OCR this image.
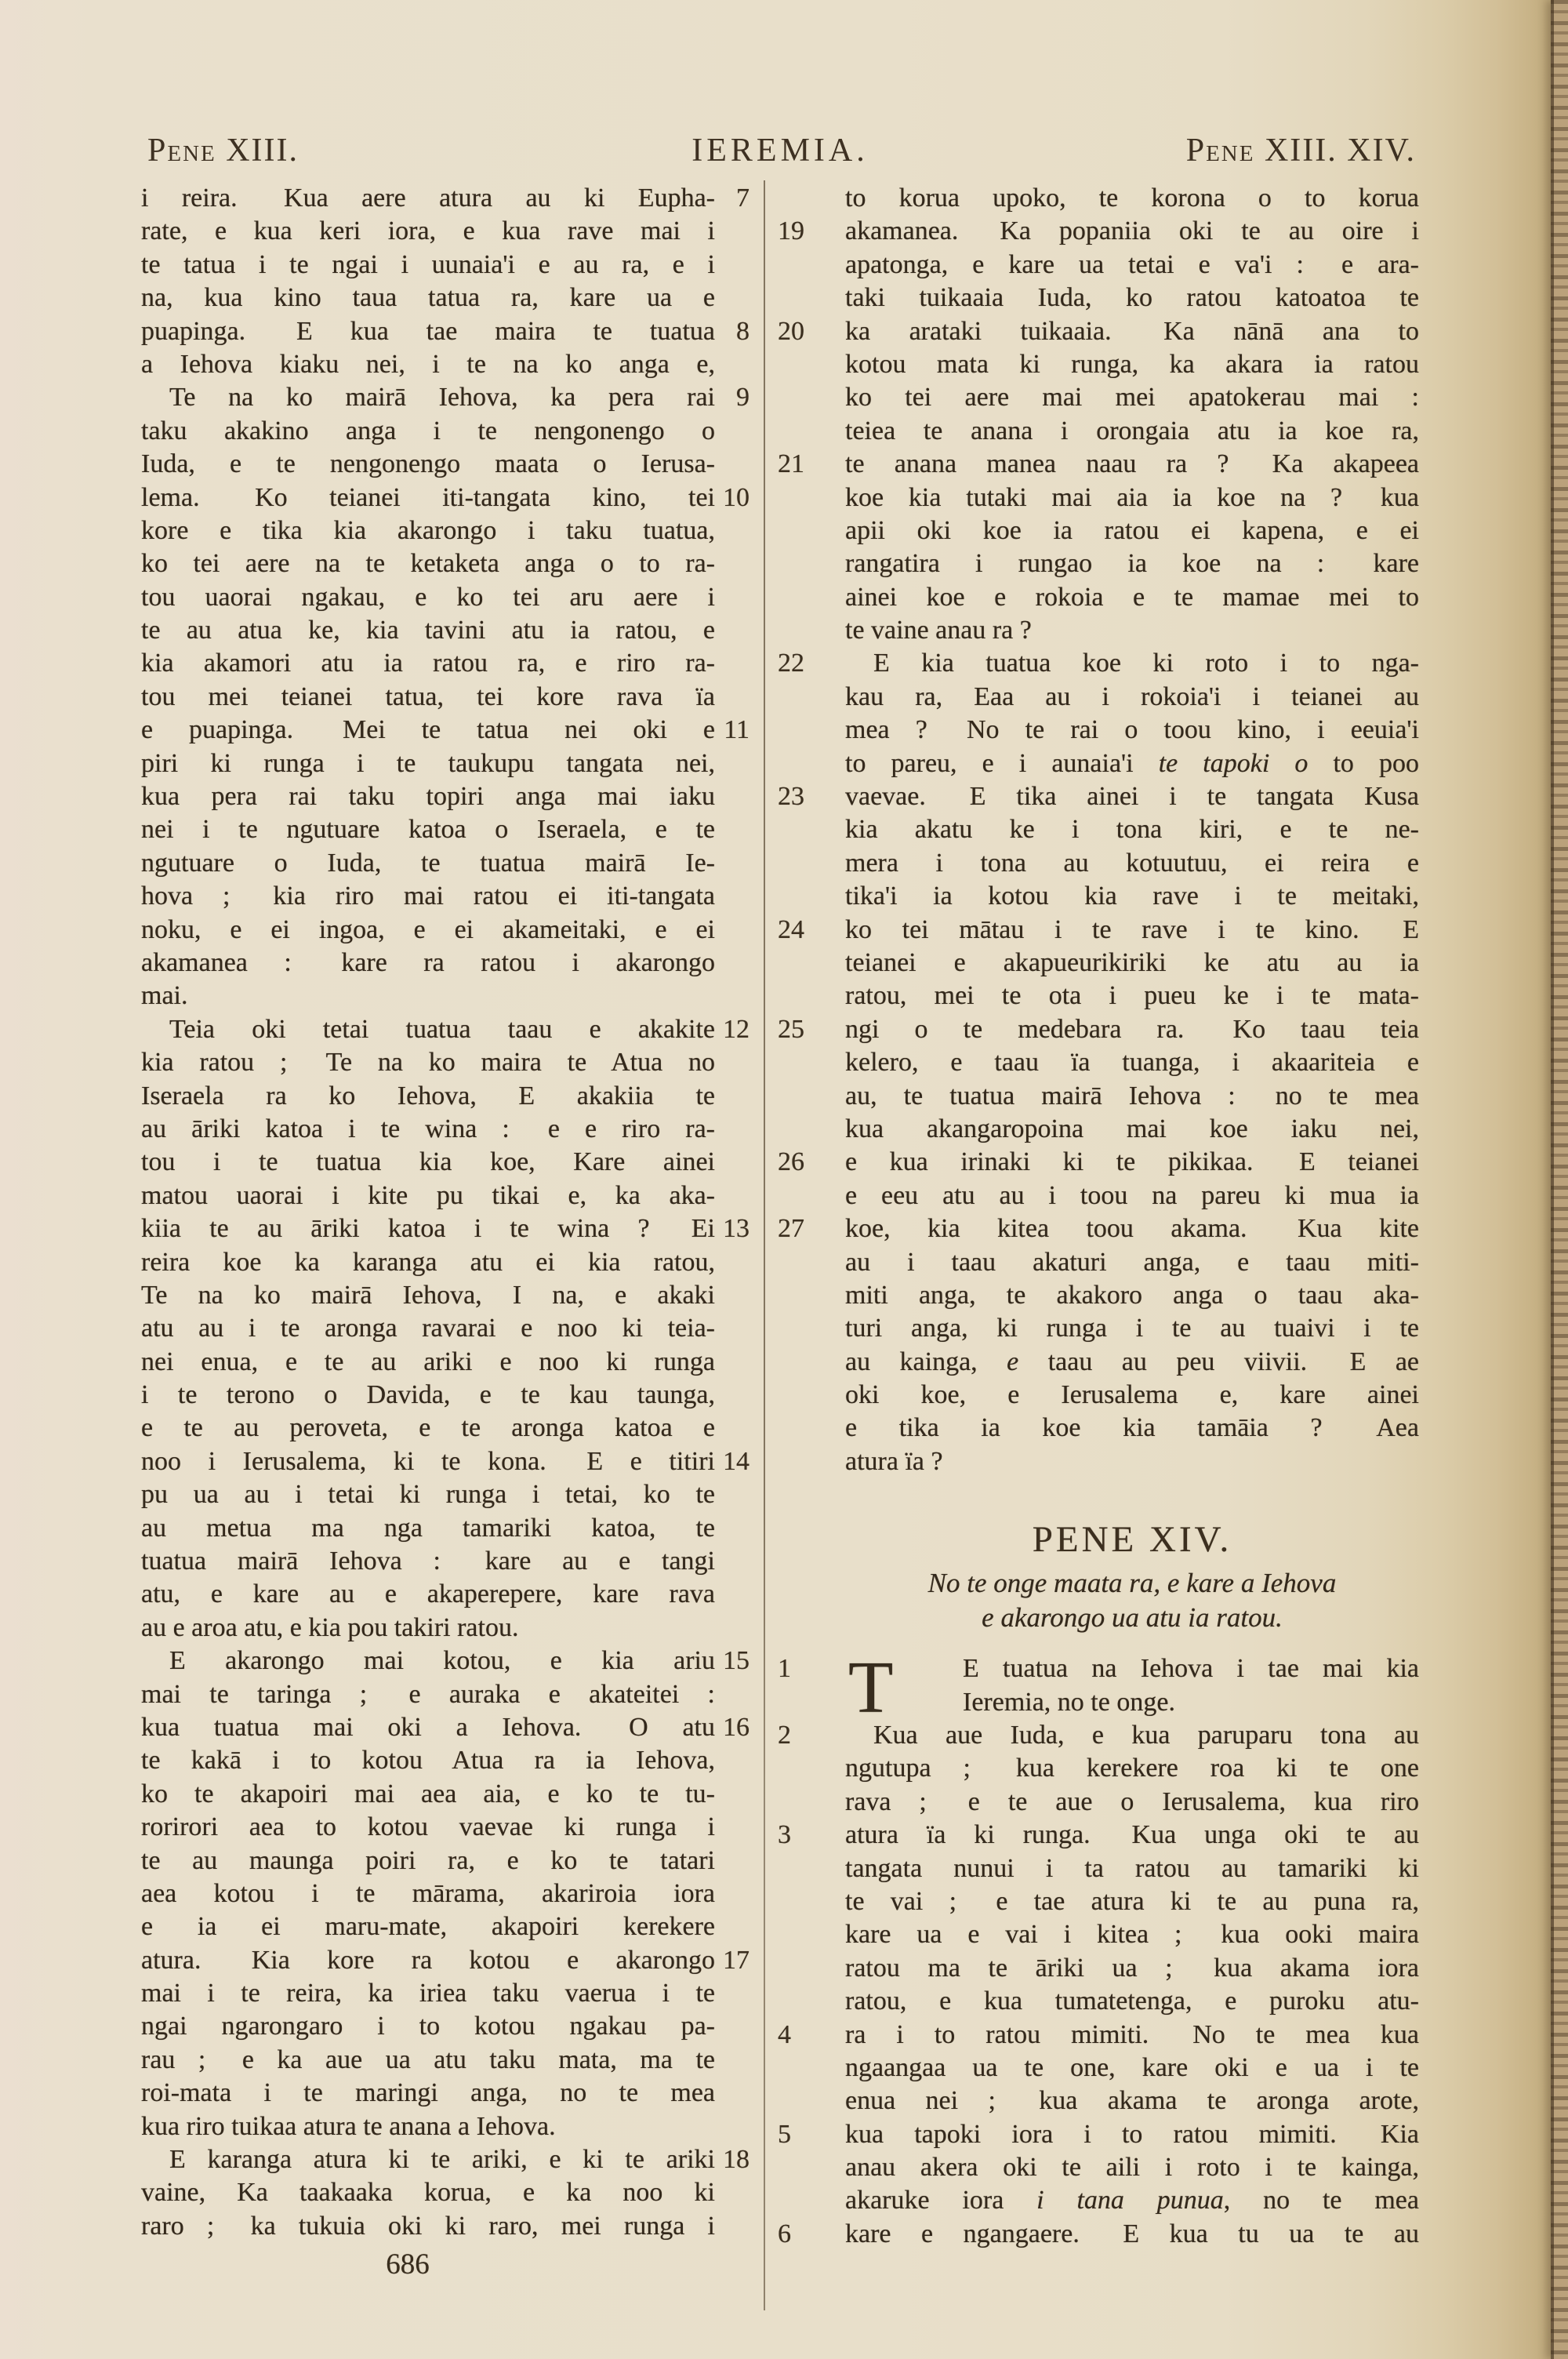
Pene XIII.	IEREMIA.	Pene XIII. XIV.
7
i reira.  Kua aere atura au ki Eupha-
rate, e kua keri iora, e kua rave mai i
te tatua i te ngai i uunaia'i e au ra, e i
na, kua kino taua tatua ra, kare ua e
8
puapinga.  E kua tae maira te tuatua
a Iehova kiaku nei, i te na ko anga e,
9
Te na ko mairā Iehova, ka pera rai
taku akakino anga i te nengonengo o
Iuda, e te nengonengo maata o Ierusa-
10
lema.  Ko teianei iti-tangata kino, tei
kore e tika kia akarongo i taku tuatua,
ko tei aere na te ketaketa anga o to ra-
tou uaorai ngakau, e ko tei aru aere i
te au atua ke, kia tavini atu ia ratou, e
kia akamori atu ia ratou ra, e riro ra-
tou mei teianei tatua, tei kore rava ïa
11
e puapinga.  Mei te tatua nei oki e
piri ki runga i te taukupu tangata nei,
kua pera rai taku topiri anga mai iaku
nei i te ngutuare katoa o Iseraela, e te
ngutuare o Iuda, te tuatua mairā Ie-
hova ;  kia riro mai ratou ei iti-tangata
noku, e ei ingoa, e ei akameitaki, e ei
akamanea :  kare ra ratou i akarongo
mai.
12
Teia oki tetai tuatua taau e akakite
kia ratou ;  Te na ko maira te Atua no
Iseraela ra ko Iehova, E akakiia te
au āriki katoa i te wina :  e e riro ra-
tou i te tuatua kia koe, Kare ainei
matou uaorai i kite pu tikai e, ka aka-
13
kiia te au āriki katoa i te wina ?  Ei
reira koe ka karanga atu ei kia ratou,
Te na ko mairā Iehova, I na, e akaki
atu au i te aronga ravarai e noo ki teia-
nei enua, e te au ariki e noo ki runga
i te terono o Davida, e te kau taunga,
e te au peroveta, e te aronga katoa e
14
noo i Ierusalema, ki te kona.  E e titiri
pu ua au i tetai ki runga i tetai, ko te
au metua ma nga tamariki katoa, te
tuatua mairā Iehova :  kare au e tangi
atu, e kare au e akaperepere, kare rava
au e aroa atu, e kia pou takiri ratou.
15
E akarongo mai kotou, e kia ariu
mai te taringa ;  e auraka e akateitei :
16
kua tuatua mai oki a Iehova.  O atu
te kakā i to kotou Atua ra ia Iehova,
ko te akapoiri mai aea aia, e ko te tu-
rorirori aea to kotou vaevae ki runga i
te au maunga poiri ra, e ko te tatari
aea kotou i te mārama, akariroia iora
e ia ei maru-mate, akapoiri kerekere
17
atura.  Kia kore ra kotou e akarongo
mai i te reira, ka iriea taku vaerua i te
ngai ngarongaro i to kotou ngakau pa-
rau ;  e ka aue ua atu taku mata, ma te
roi-mata i te maringi anga, no te mea
kua riro tuikaa atura te anana a Iehova.
18
E karanga atura ki te ariki, e ki te ariki
vaine, Ka taakaaka korua, e ka noo ki
raro ;  ka tukuia oki ki raro, mei runga i
to korua upoko, te korona o to korua
19	akamanea.  Ka popaniia oki te au oire i
apatonga, e kare ua tetai e va'i :  e ara-
taki tuikaaia Iuda, ko ratou katoatoa te
20	ka arataki tuikaaia.  Ka nānā ana to
kotou mata ki runga, ka akara ia ratou
ko tei aere mai mei apatokerau mai :
teiea te anana i orongaia atu ia koe ra,
21	te anana manea naau ra ?  Ka akapeea
koe kia tutaki mai aia ia koe na ?  kua
apii oki koe ia ratou ei kapena, e ei
rangatira i rungao ia koe na :  kare
ainei koe e rokoia e te mamae mei to
te vaine anau ra ?
22	E kia tuatua koe ki roto i to nga-
kau ra, Eaa au i rokoia'i i teianei au
mea ?  No te rai o toou kino, i eeuia'i
to pareu, e i aunaia'i te tapoki o to poo
23	vaevae.  E tika ainei i te tangata Kusa
kia akatu ke i tona kiri, e te ne-
mera i tona au kotuutuu, ei reira e
tika'i ia kotou kia rave i te meitaki,
24	ko tei mātau i te rave i te kino.  E
teianei e akapueurikiriki ke atu au ia
ratou, mei te ota i pueu ke i te mata-
25	ngi o te medebara ra.  Ko taau teia
kelero, e taau ïa tuanga, i akaariteia e
au, te tuatua mairā Iehova :  no te mea
kua akangaropoina mai koe iaku nei,
26	e kua irinaki ki te pikikaa.  E teianei
e eeu atu au i toou na pareu ki mua ia
27	koe, kia kitea toou akama.  Kua kite
au i taau akaturi anga, e taau miti-
miti anga, te akakoro anga o taau aka-
turi anga, ki runga i te au tuaivi i te
au kainga, e taau au peu viivii.  E ae
oki koe, e Ierusalema e, kare ainei
e tika ia koe kia tamāia ?  Aea
atura ïa ?
PENE XIV.
No te onge maata ra, e kare a Iehova
e akarongo ua atu ia ratou.
1 T	E tuatua na Iehova i tae mai kia
Ieremia, no te onge.
2	Kua aue Iuda, e kua paruparu tona au
ngutupa ;  kua kerekere roa ki te one
rava ;  e te aue o Ierusalema, kua riro
3	atura ïa ki runga.  Kua unga oki te au
tangata nunui i ta ratou au tamariki ki
te vai ;  e tae atura ki te au puna ra,
kare ua e vai i kitea ;  kua ooki maira
ratou ma te āriki ua ;  kua akama iora
ratou, e kua tumatetenga, e puroku atu-
4	ra i to ratou mimiti.  No te mea kua
ngaangaa ua te one, kare oki e ua i te
enua nei ;  kua akama te aronga arote,
5	kua tapoki iora i to ratou mimiti.  Kia
anau akera oki te aili i roto i te kainga,
akaruke iora i tana punua, no te mea
6	kare e ngangaere.  E kua tu ua te au
686
